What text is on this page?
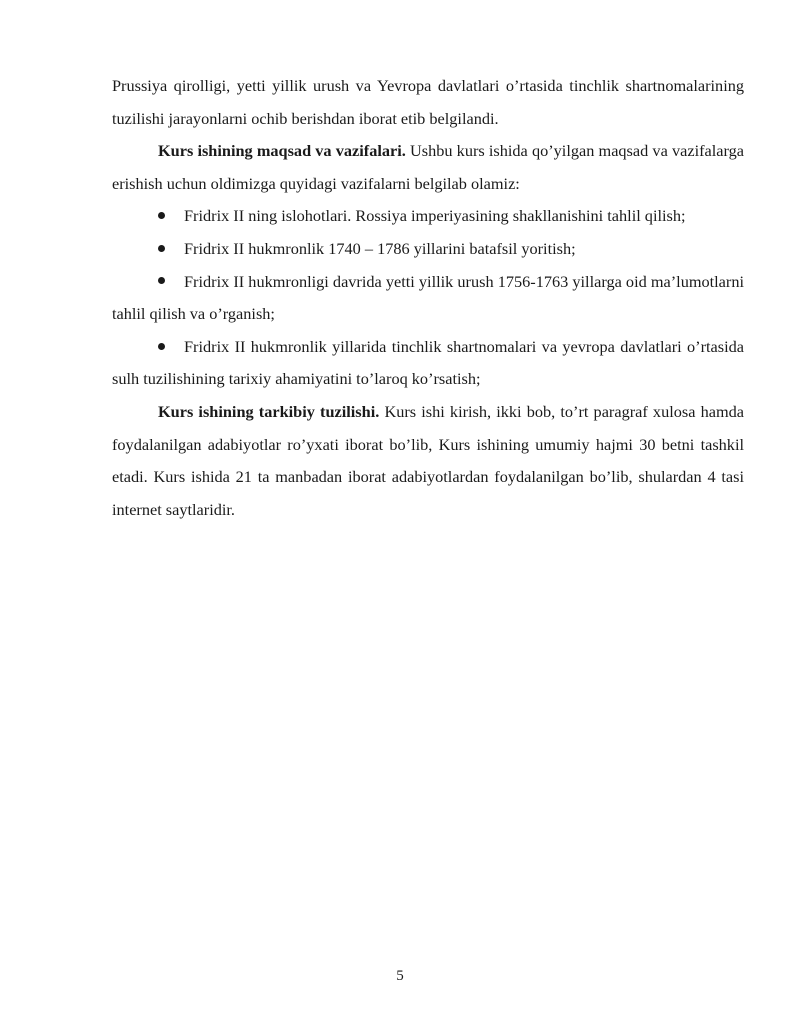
Prussiya qirolligi, yetti yillik urush va Yevropa davlatlari o’rtasida tinchlik shartnomalarining tuzilishi jarayonlarni ochib berishdan iborat etib belgilandi.

Kurs ishining maqsad va vazifalari. Ushbu kurs ishida qo’yilgan maqsad va vazifalarga erishish uchun oldimizga quyidagi vazifalarni belgilab olamiz:

Fridrix II ning islohotlari. Rossiya imperiyasining shakllanishini tahlil qilish;
Fridrix II hukmronlik 1740 – 1786 yillarini batafsil yoritish;
Fridrix II hukmronligi davrida yetti yillik urush 1756-1763 yillarga oid ma’lumotlarni tahlil qilish va o’rganish;
Fridrix II hukmronlik yillarida tinchlik shartnomalari va yevropa davlatlari o’rtasida sulh tuzilishining tarixiy ahamiyatini to’laroq ko’rsatish;

Kurs ishining tarkibiy tuzilishi. Kurs ishi kirish, ikki bob, to’rt paragraf xulosa hamda foydalanilgan adabiyotlar ro’yxati iborat bo’lib, Kurs ishining umumiy hajmi 30 betni tashkil etadi. Kurs ishida 21 ta manbadan iborat adabiyotlardan foydalanilgan bo’lib, shulardan 4 tasi internet saytlaridir.

5
